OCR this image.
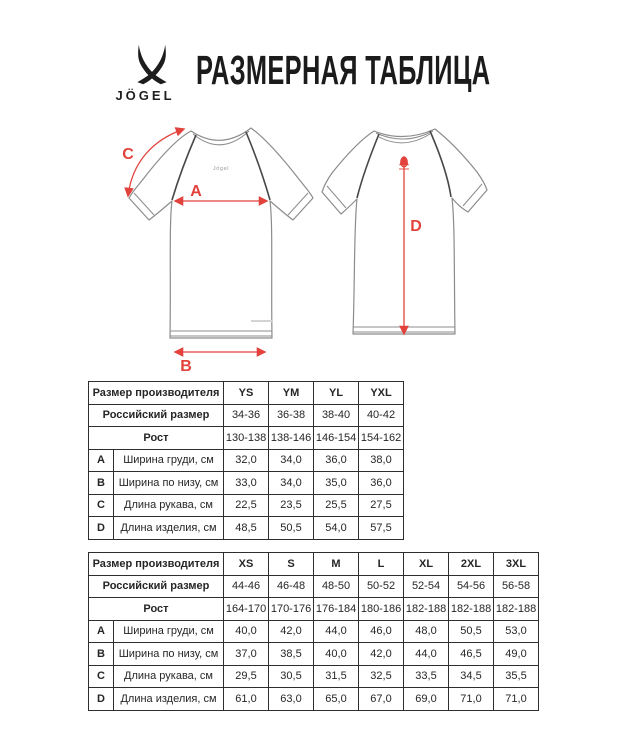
JÖGEL
РАЗМЕРНАЯ ТАБЛИЦА
Jögel
A
B
C
D
Размер производителя		YS	YM	YL	YXL
Российский размер		34-36	36-38	38-40	40-42
Рост		130-138	138-146	146-154	154-162
A	Ширина груди, см	32,0	34,0	36,0	38,0
B	Ширина по низу, см	33,0	34,0	35,0	36,0
C	Длина рукава, см	22,5	23,5	25,5	27,5
D	Длина изделия, см	48,5	50,5	54,0	57,5
Размер производителя		XS	S	M	L	XL	2XL	3XL
Российский размер		44-46	46-48	48-50	50-52	52-54	54-56	56-58
Рост		164-170	170-176	176-184	180-186	182-188	182-188	182-188
A	Ширина груди, см	40,0	42,0	44,0	46,0	48,0	50,5	53,0
B	Ширина по низу, см	37,0	38,5	40,0	42,0	44,0	46,5	49,0
C	Длина рукава, см	29,5	30,5	31,5	32,5	33,5	34,5	35,5
D	Длина изделия, см	61,0	63,0	65,0	67,0	69,0	71,0	71,0
